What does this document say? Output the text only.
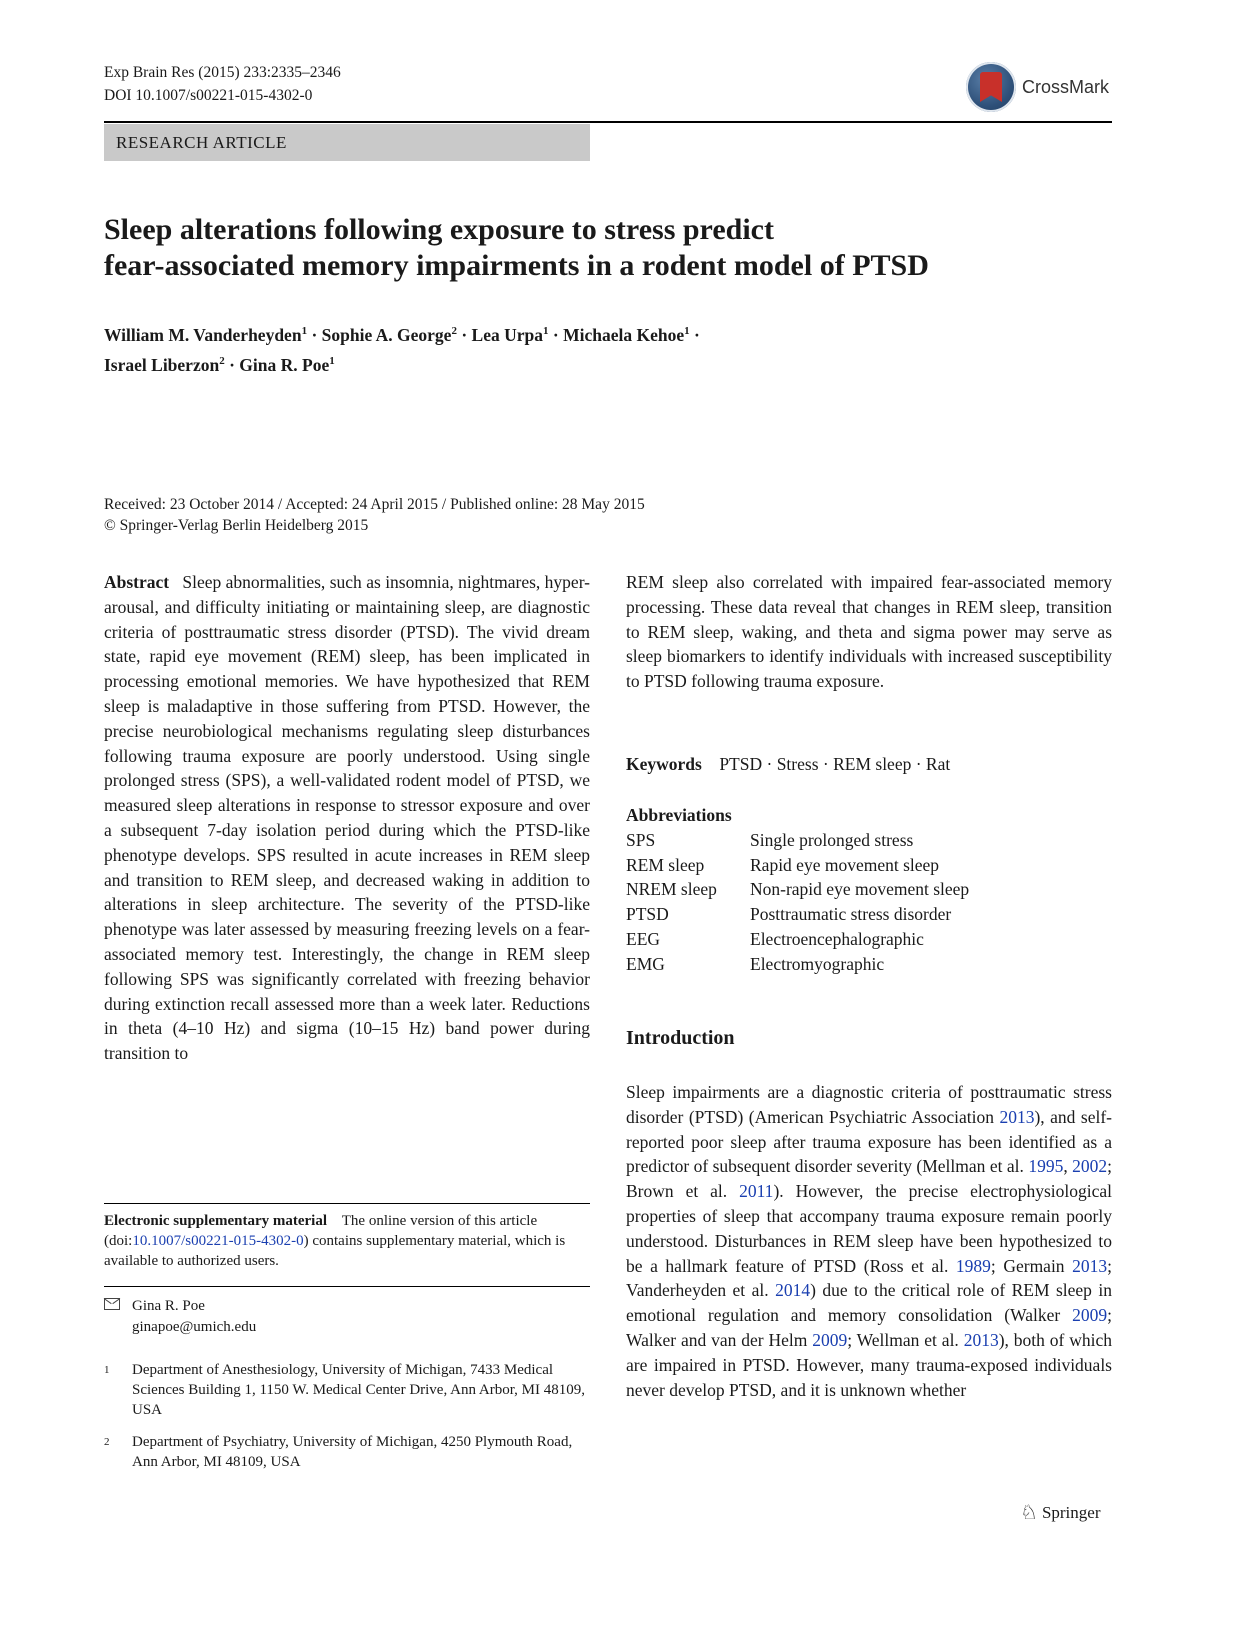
Exp Brain Res (2015) 233:2335–2346
DOI 10.1007/s00221-015-4302-0	CrossMark
RESEARCH ARTICLE
Sleep alterations following exposure to stress predict
fear-associated memory impairments in a rodent model of PTSD
William M. Vanderheyden$^1$ · Sophie A. George$^2$ · Lea Urpa$^1$ · Michaela Kehoe$^1$ ·
Israel Liberzon$^2$ · Gina R. Poe$^1$
Received: 23 October 2014 / Accepted: 24 April 2015 / Published online: 28 May 2015
© Springer-Verlag Berlin Heidelberg 2015

Abstract Sleep abnormalities, such as insomnia, nightmares, hyper-arousal, and difficulty initiating or maintaining sleep, are diagnostic criteria of posttraumatic stress disorder (PTSD). The vivid dream state, rapid eye movement (REM) sleep, has been implicated in processing emotional memories. We have hypothesized that REM sleep is maladaptive in those suffering from PTSD. However, the precise neurobiological mechanisms regulating sleep disturbances following trauma exposure are poorly understood. Using single prolonged stress (SPS), a well-validated rodent model of PTSD, we measured sleep alterations in response to stressor exposure and over a subsequent 7-day isolation period during which the PTSD-like phenotype develops. SPS resulted in acute increases in REM sleep and transition to REM sleep, and decreased waking in addition to alterations in sleep architecture. The severity of the PTSD-like phenotype was later assessed by measuring freezing levels on a fear-associated memory test. Interestingly, the change in REM sleep following SPS was significantly correlated with freezing behavior during extinction recall assessed more than a week later. Reductions in theta (4–10 Hz) and sigma (10–15 Hz) band power during transition to

Electronic supplementary material The online version of this article (doi:10.1007/s00221-015-4302-0) contains supplementary material, which is available to authorized users.
Gina R. Poe
ginapoe@umich.edu
1 Department of Anesthesiology, University of Michigan, 7433 Medical Sciences Building 1, 1150 W. Medical Center Drive, Ann Arbor, MI 48109, USA
2 Department of Psychiatry, University of Michigan, 4250 Plymouth Road, Ann Arbor, MI 48109, USA

REM sleep also correlated with impaired fear-associated memory processing. These data reveal that changes in REM sleep, transition to REM sleep, waking, and theta and sigma power may serve as sleep biomarkers to identify individuals with increased susceptibility to PTSD following trauma exposure.

Keywords PTSD · Stress · REM sleep · Rat
Abbreviations
SPS	Single prolonged stress
REM sleep	Rapid eye movement sleep
NREM sleep	Non-rapid eye movement sleep
PTSD	Posttraumatic stress disorder
EEG	Electroencephalographic
EMG	Electromyographic
Introduction

Sleep impairments are a diagnostic criteria of posttraumatic stress disorder (PTSD) (American Psychiatric Association 2013), and self-reported poor sleep after trauma exposure has been identified as a predictor of subsequent disorder severity (Mellman et al. 1995, 2002; Brown et al. 2011). However, the precise electrophysiological properties of sleep that accompany trauma exposure remain poorly understood. Disturbances in REM sleep have been hypothesized to be a hallmark feature of PTSD (Ross et al. 1989; Germain 2013; Vanderheyden et al. 2014) due to the critical role of REM sleep in emotional regulation and memory consolidation (Walker 2009; Walker and van der Helm 2009; Wellman et al. 2013), both of which are impaired in PTSD. However, many trauma-exposed individuals never develop PTSD, and it is unknown whether

♘ Springer
